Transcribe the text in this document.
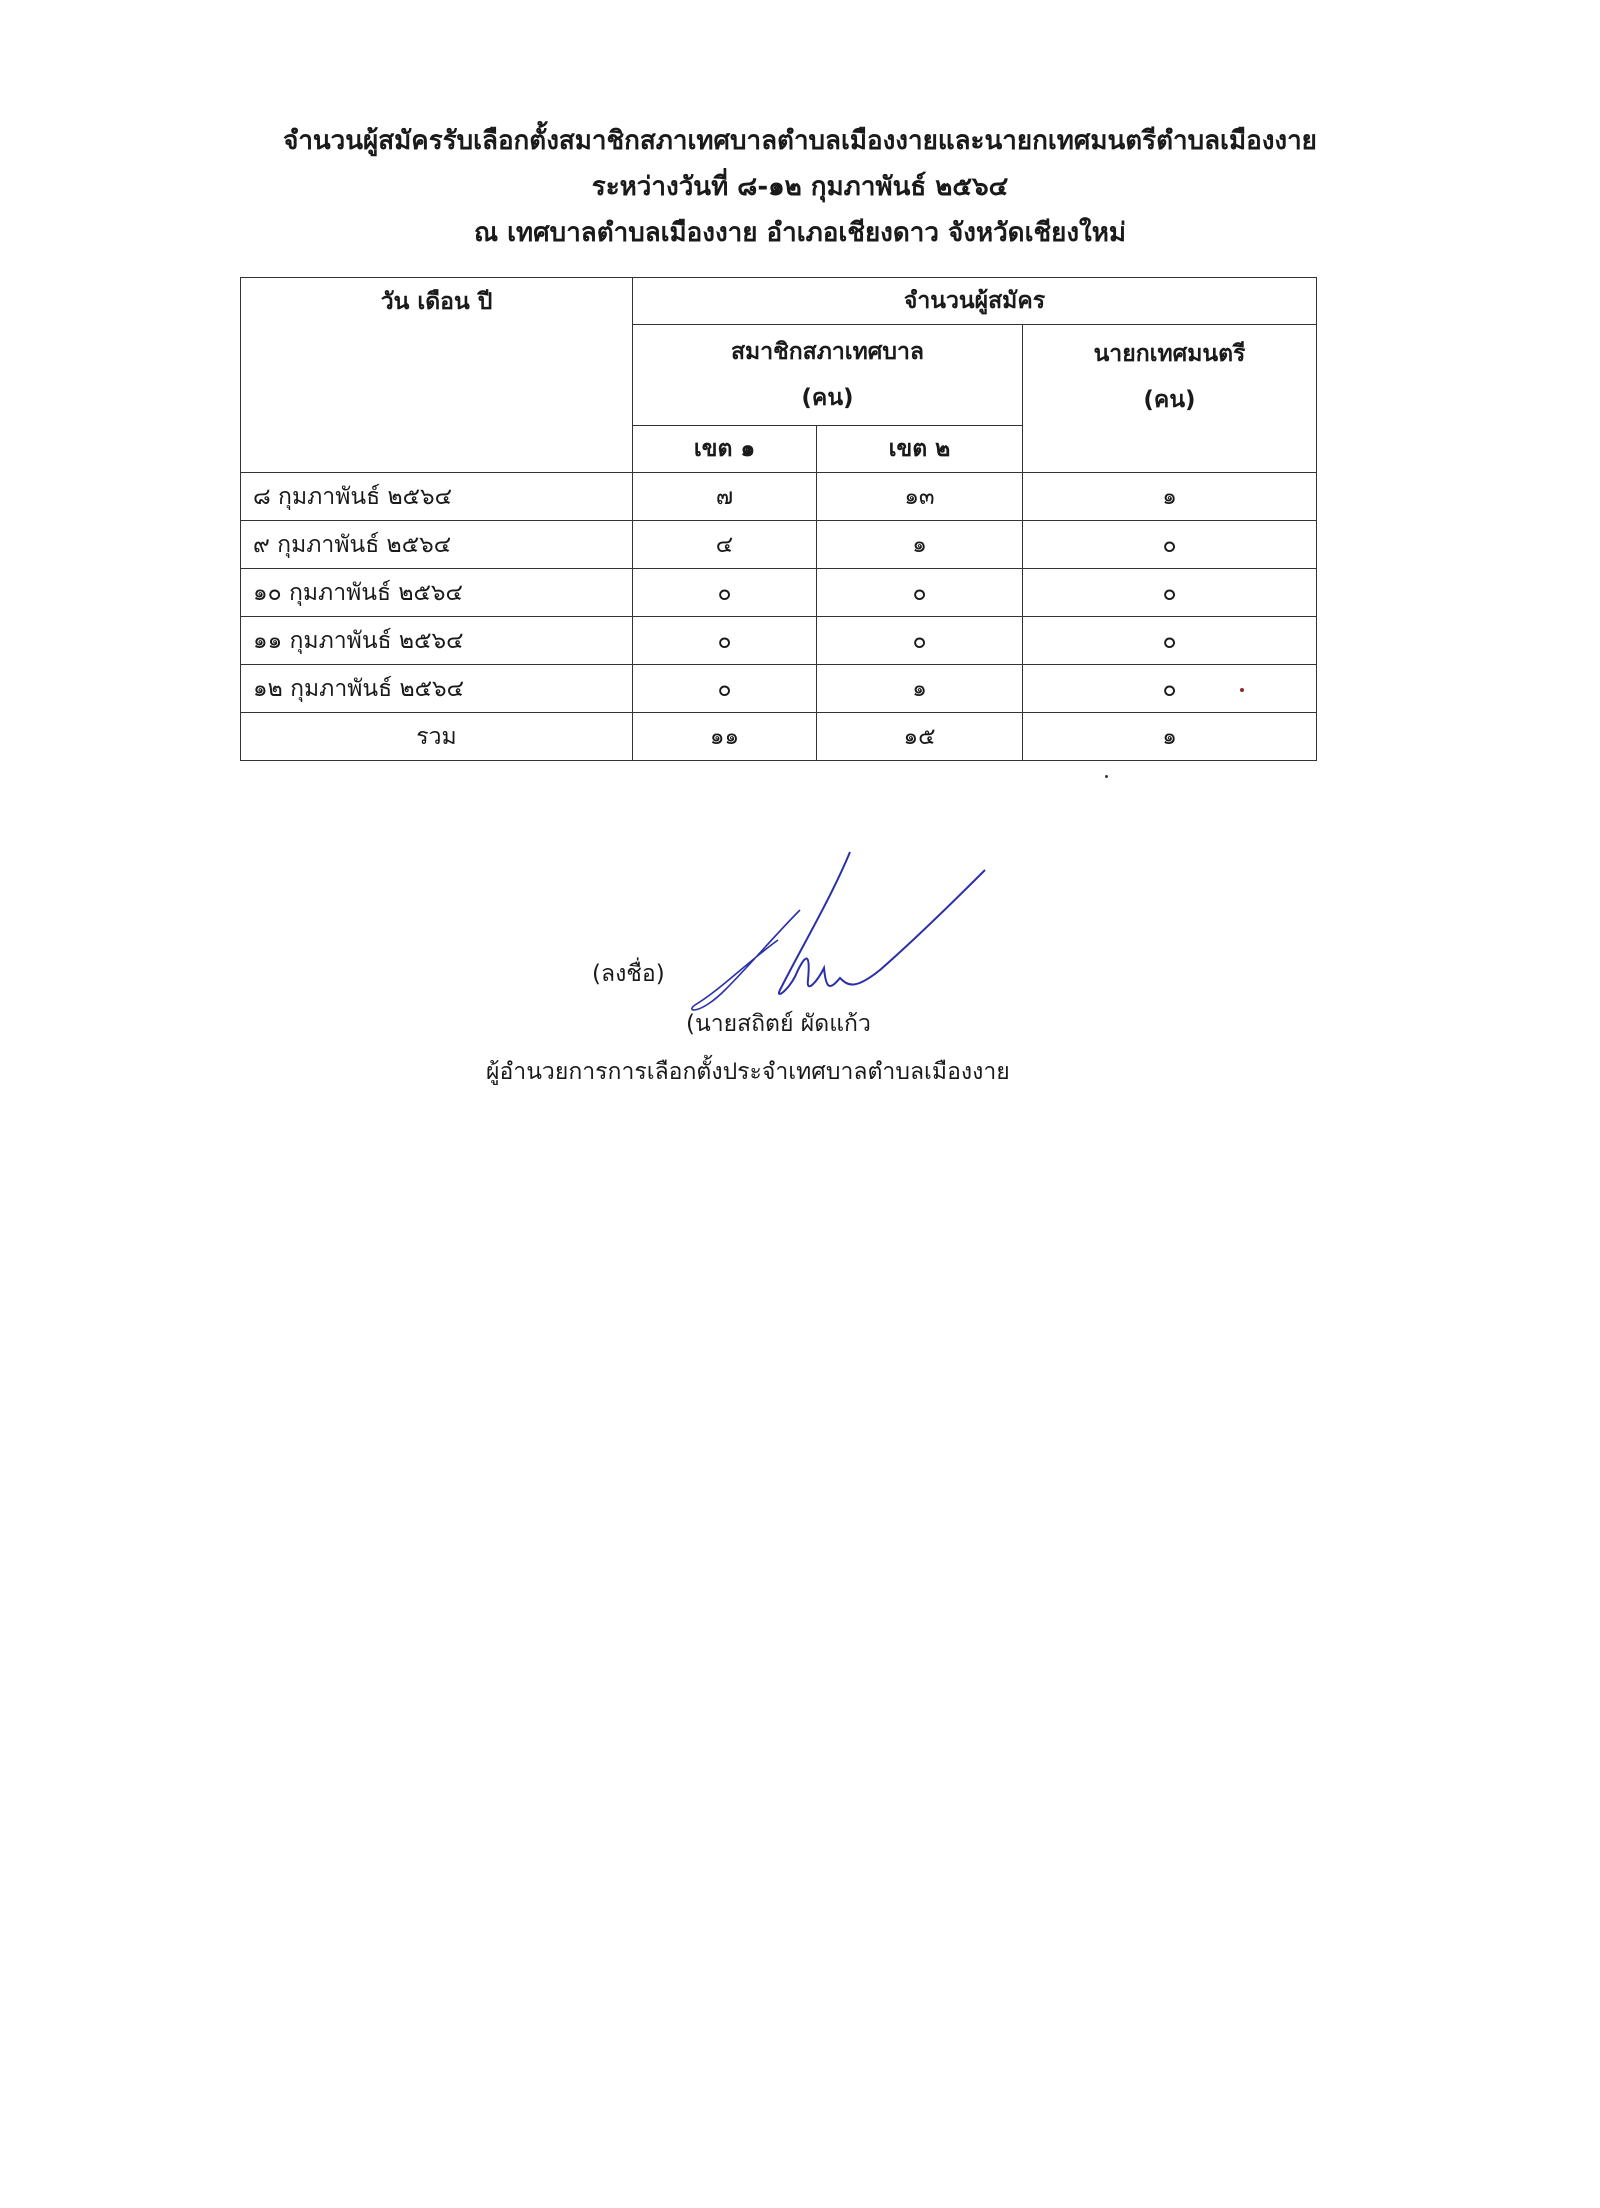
จำนวนผู้สมัครรับเลือกตั้งสมาชิกสภาเทศบาลตำบลเมืองงายและนายกเทศมนตรีตำบลเมืองงาย
ระหว่างวันที่ ๘-๑๒ กุมภาพันธ์ ๒๕๖๔
ณ เทศบาลตำบลเมืองงาย อำเภอเชียงดาว จังหวัดเชียงใหม่
วัน เดือน ปี	จำนวนผู้สมัคร		
	สมาชิกสภาเทศบาล
(คน)		นายกเทศมนตรี
(คน)
	เขต ๑	เขต ๒	
๘ กุมภาพันธ์ ๒๕๖๔	๗	๑๓	๑
๙ กุมภาพันธ์ ๒๕๖๔	๔	๑	๐
๑๐ กุมภาพันธ์ ๒๕๖๔	๐	๐	๐
๑๑ กุมภาพันธ์ ๒๕๖๔	๐	๐	๐
๑๒ กุมภาพันธ์ ๒๕๖๔	๐	๑	๐
รวม	๑๑	๑๕	๑
(ลงชื่อ)
(นายสถิตย์ ผัดแก้ว
ผู้อำนวยการการเลือกตั้งประจำเทศบาลตำบลเมืองงาย
